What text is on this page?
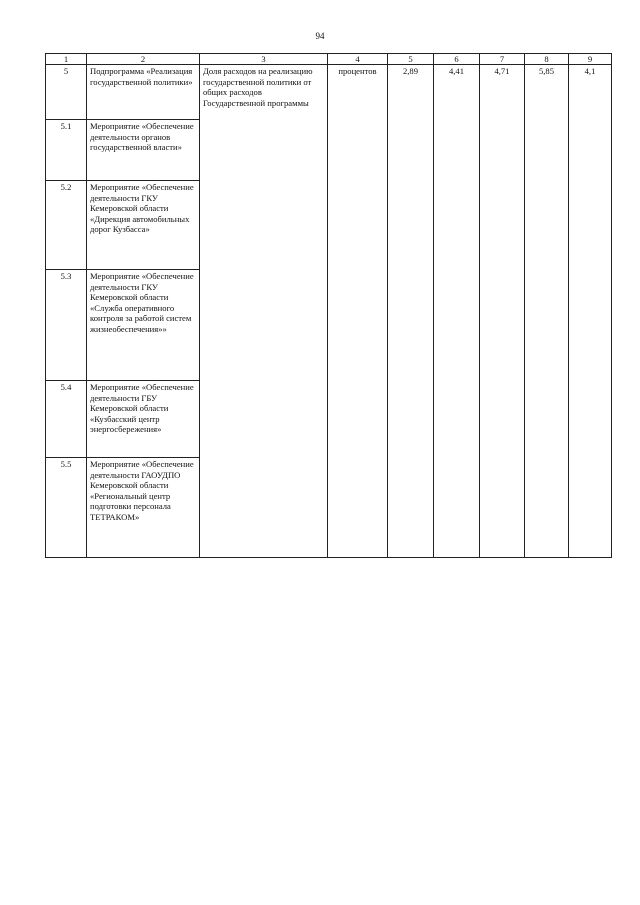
94
1	2	3	4	5	6	7	8	9
5	Подпрограмма «Реализация государственной политики»	Доля расходов на реализацию государственной политики от общих расходов Государственной программы	процентов	2,89	4,41	4,71	5,85	4,1
5.1	Мероприятие «Обеспечение деятельности органов государственной власти»							
5.2	Мероприятие «Обеспечение деятельности ГКУ Кемеровской области «Дирекция автомобильных дорог Кузбасса»							
5.3	Мероприятие «Обеспечение деятельности ГКУ Кемеровской области «Служба оперативного контроля за работой систем жизнеобеспечения»»							
5.4	Мероприятие «Обеспечение деятельности ГБУ Кемеровской области «Кузбасский центр энергосбережения»							
5.5	Мероприятие «Обеспечение деятельности ГАОУДПО Кемеровской области «Региональный центр подготовки персонала ТЕТРАКОМ»							
